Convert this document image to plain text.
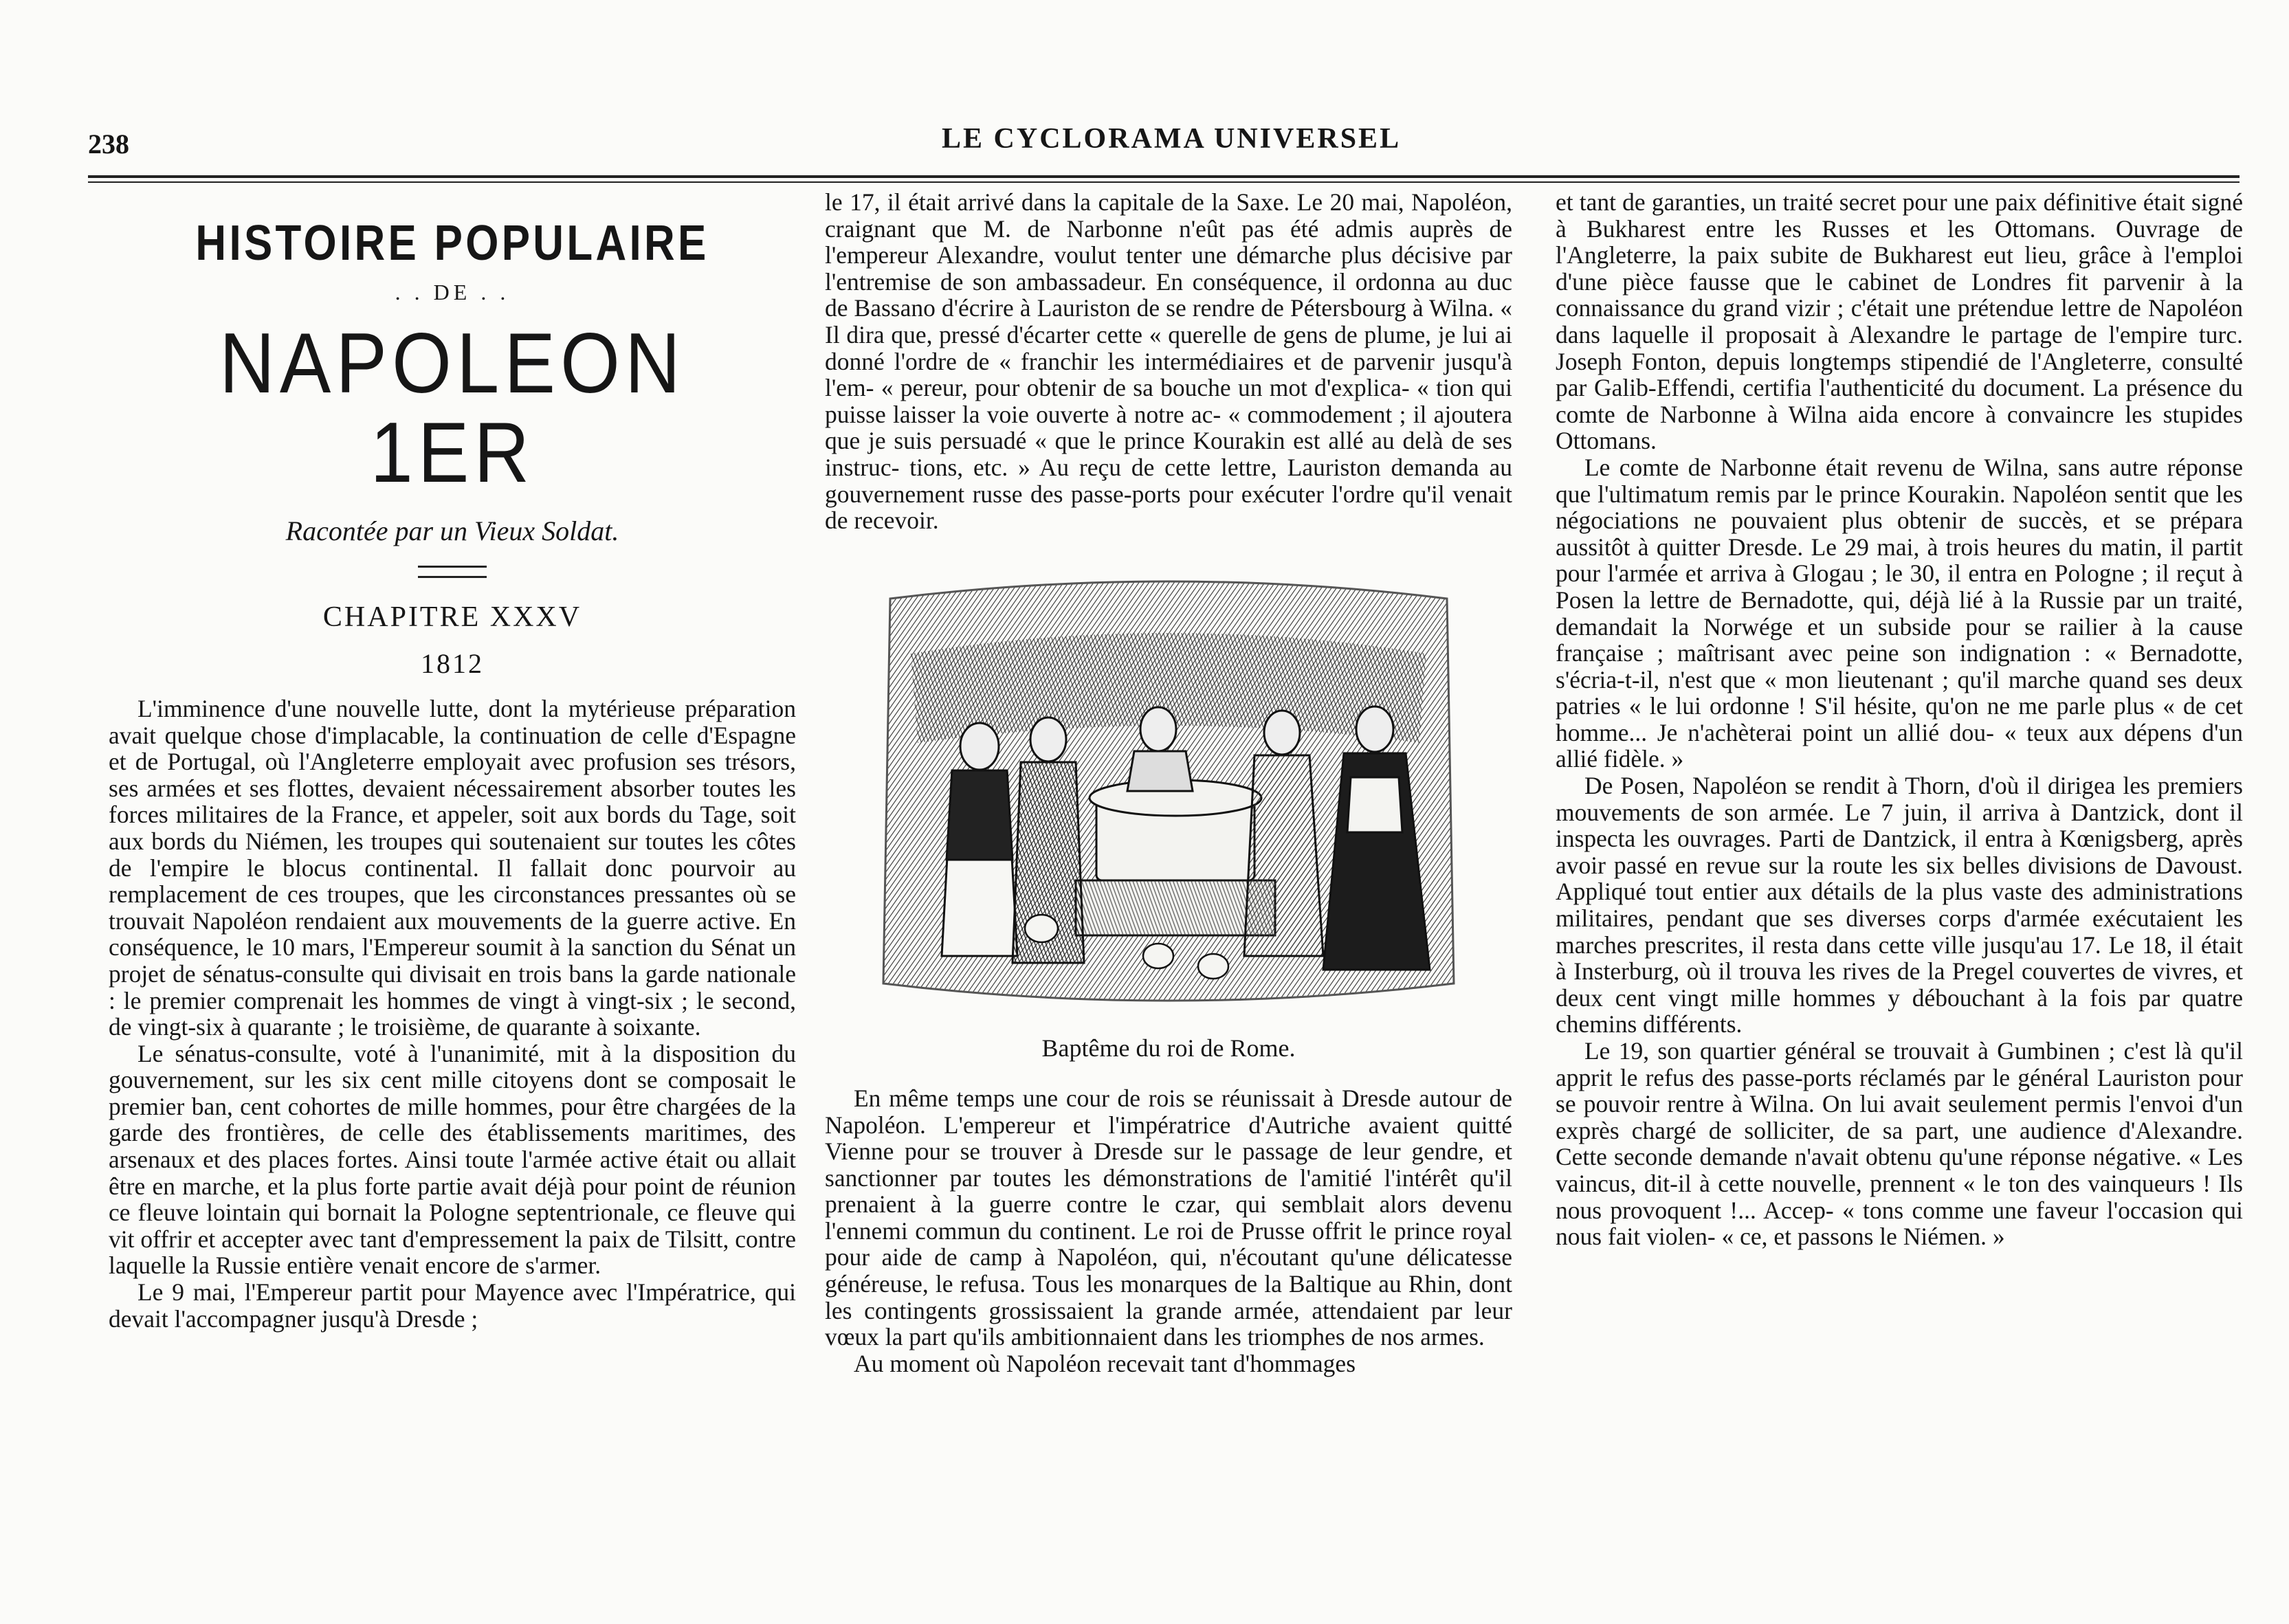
238	LE CYCLORAMA UNIVERSEL
HISTOIRE POPULAIRE
. . DE . .
NAPOLEON 1ER
Racontée par un Vieux Soldat.
CHAPITRE XXXV
1812

L'imminence d'une nouvelle lutte, dont la mytérieuse préparation avait quelque chose d'implacable, la continuation de celle d'Espagne et de Portugal, où l'Angleterre employait avec profusion ses trésors, ses armées et ses flottes, devaient nécessairement absorber toutes les forces militaires de la France, et appeler, soit aux bords du Tage, soit aux bords du Niémen, les troupes qui soutenaient sur toutes les côtes de l'empire le blocus continental. Il fallait donc pourvoir au remplacement de ces troupes, que les circonstances pressantes où se trouvait Napoléon rendaient aux mouvements de la guerre active. En conséquence, le 10 mars, l'Empereur soumit à la sanction du Sénat un projet de sénatus-consulte qui divisait en trois bans la garde nationale : le premier comprenait les hommes de vingt à vingt-six ; le second, de vingt-six à quarante ; le troisième, de quarante à soixante.

Le sénatus-consulte, voté à l'unanimité, mit à la disposition du gouvernement, sur les six cent mille citoyens dont se composait le premier ban, cent cohortes de mille hommes, pour être chargées de la garde des frontières, de celle des établissements maritimes, des arsenaux et des places fortes. Ainsi toute l'armée active était ou allait être en marche, et la plus forte partie avait déjà pour point de réunion ce fleuve lointain qui bornait la Pologne septentrionale, ce fleuve qui vit offrir et accepter avec tant d'empressement la paix de Tilsitt, contre laquelle la Russie entière venait encore de s'armer.

Le 9 mai, l'Empereur partit pour Mayence avec l'Impératrice, qui devait l'accompagner jusqu'à Dresde ;

le 17, il était arrivé dans la capitale de la Saxe. Le 20 mai, Napoléon, craignant que M. de Narbonne n'eût pas été admis auprès de l'empereur Alexandre, voulut tenter une démarche plus décisive par l'entremise de son ambassadeur. En conséquence, il ordonna au duc de Bassano d'écrire à Lauriston de se rendre de Pétersbourg à Wilna. « Il dira que, pressé d'écarter cette « querelle de gens de plume, je lui ai donné l'ordre de « franchir les intermédiaires et de parvenir jusqu'à l'em- « pereur, pour obtenir de sa bouche un mot d'explica- « tion qui puisse laisser la voie ouverte à notre ac- « commodement ; il ajoutera que je suis persuadé « que le prince Kourakin est allé au delà de ses instruc- tions, etc. » Au reçu de cette lettre, Lauriston demanda au gouvernement russe des passe-ports pour exécuter l'ordre qu'il venait de recevoir.

Baptême du roi de Rome.

En même temps une cour de rois se réunissait à Dresde autour de Napoléon. L'empereur et l'impératrice d'Autriche avaient quitté Vienne pour se trouver à Dresde sur le passage de leur gendre, et sanctionner par toutes les démonstrations de l'amitié l'intérêt qu'il prenaient à la guerre contre le czar, qui semblait alors devenu l'ennemi commun du continent. Le roi de Prusse offrit le prince royal pour aide de camp à Napoléon, qui, n'écoutant qu'une délicatesse généreuse, le refusa. Tous les monarques de la Baltique au Rhin, dont les contingents grossissaient la grande armée, attendaient par leur vœux la part qu'ils ambitionnaient dans les triomphes de nos armes.

Au moment où Napoléon recevait tant d'hommages

et tant de garanties, un traité secret pour une paix définitive était signé à Bukharest entre les Russes et les Ottomans. Ouvrage de l'Angleterre, la paix subite de Bukharest eut lieu, grâce à l'emploi d'une pièce fausse que le cabinet de Londres fit parvenir à la connaissance du grand vizir ; c'était une prétendue lettre de Napoléon dans laquelle il proposait à Alexandre le partage de l'empire turc. Joseph Fonton, depuis longtemps stipendié de l'Angleterre, consulté par Galib-Effendi, certifia l'authenticité du document. La présence du comte de Narbonne à Wilna aida encore à convaincre les stupides Ottomans.

Le comte de Narbonne était revenu de Wilna, sans autre réponse que l'ultimatum remis par le prince Kourakin. Napoléon sentit que les négociations ne pouvaient plus obtenir de succès, et se prépara aussitôt à quitter Dresde. Le 29 mai, à trois heures du matin, il partit pour l'armée et arriva à Glogau ; le 30, il entra en Pologne ; il reçut à Posen la lettre de Bernadotte, qui, déjà lié à la Russie par un traité, demandait la Norwége et un subside pour se railier à la cause française ; maîtrisant avec peine son indignation : « Bernadotte, s'écria-t-il, n'est que « mon lieutenant ; qu'il marche quand ses deux patries « le lui ordonne ! S'il hésite, qu'on ne me parle plus « de cet homme... Je n'achèterai point un allié dou- « teux aux dépens d'un allié fidèle. »

De Posen, Napoléon se rendit à Thorn, d'où il dirigea les premiers mouvements de son armée. Le 7 juin, il arriva à Dantzick, dont il inspecta les ouvrages. Parti de Dantzick, il entra à Kœnigsberg, après avoir passé en revue sur la route les six belles divisions de Davoust. Appliqué tout entier aux détails de la plus vaste des administrations militaires, pendant que ses diverses corps d'armée exécutaient les marches prescrites, il resta dans cette ville jusqu'au 17. Le 18, il était à Insterburg, où il trouva les rives de la Pregel couvertes de vivres, et deux cent vingt mille hommes y débouchant à la fois par quatre chemins différents.

Le 19, son quartier général se trouvait à Gumbinen ; c'est là qu'il apprit le refus des passe-ports réclamés par le général Lauriston pour se pouvoir rentre à Wilna. On lui avait seulement permis l'envoi d'un exprès chargé de solliciter, de sa part, une audience d'Alexandre. Cette seconde demande n'avait obtenu qu'une réponse négative. « Les vaincus, dit-il à cette nouvelle, prennent « le ton des vainqueurs ! Ils nous provoquent !... Accep- « tons comme une faveur l'occasion qui nous fait violen- « ce, et passons le Niémen. »
